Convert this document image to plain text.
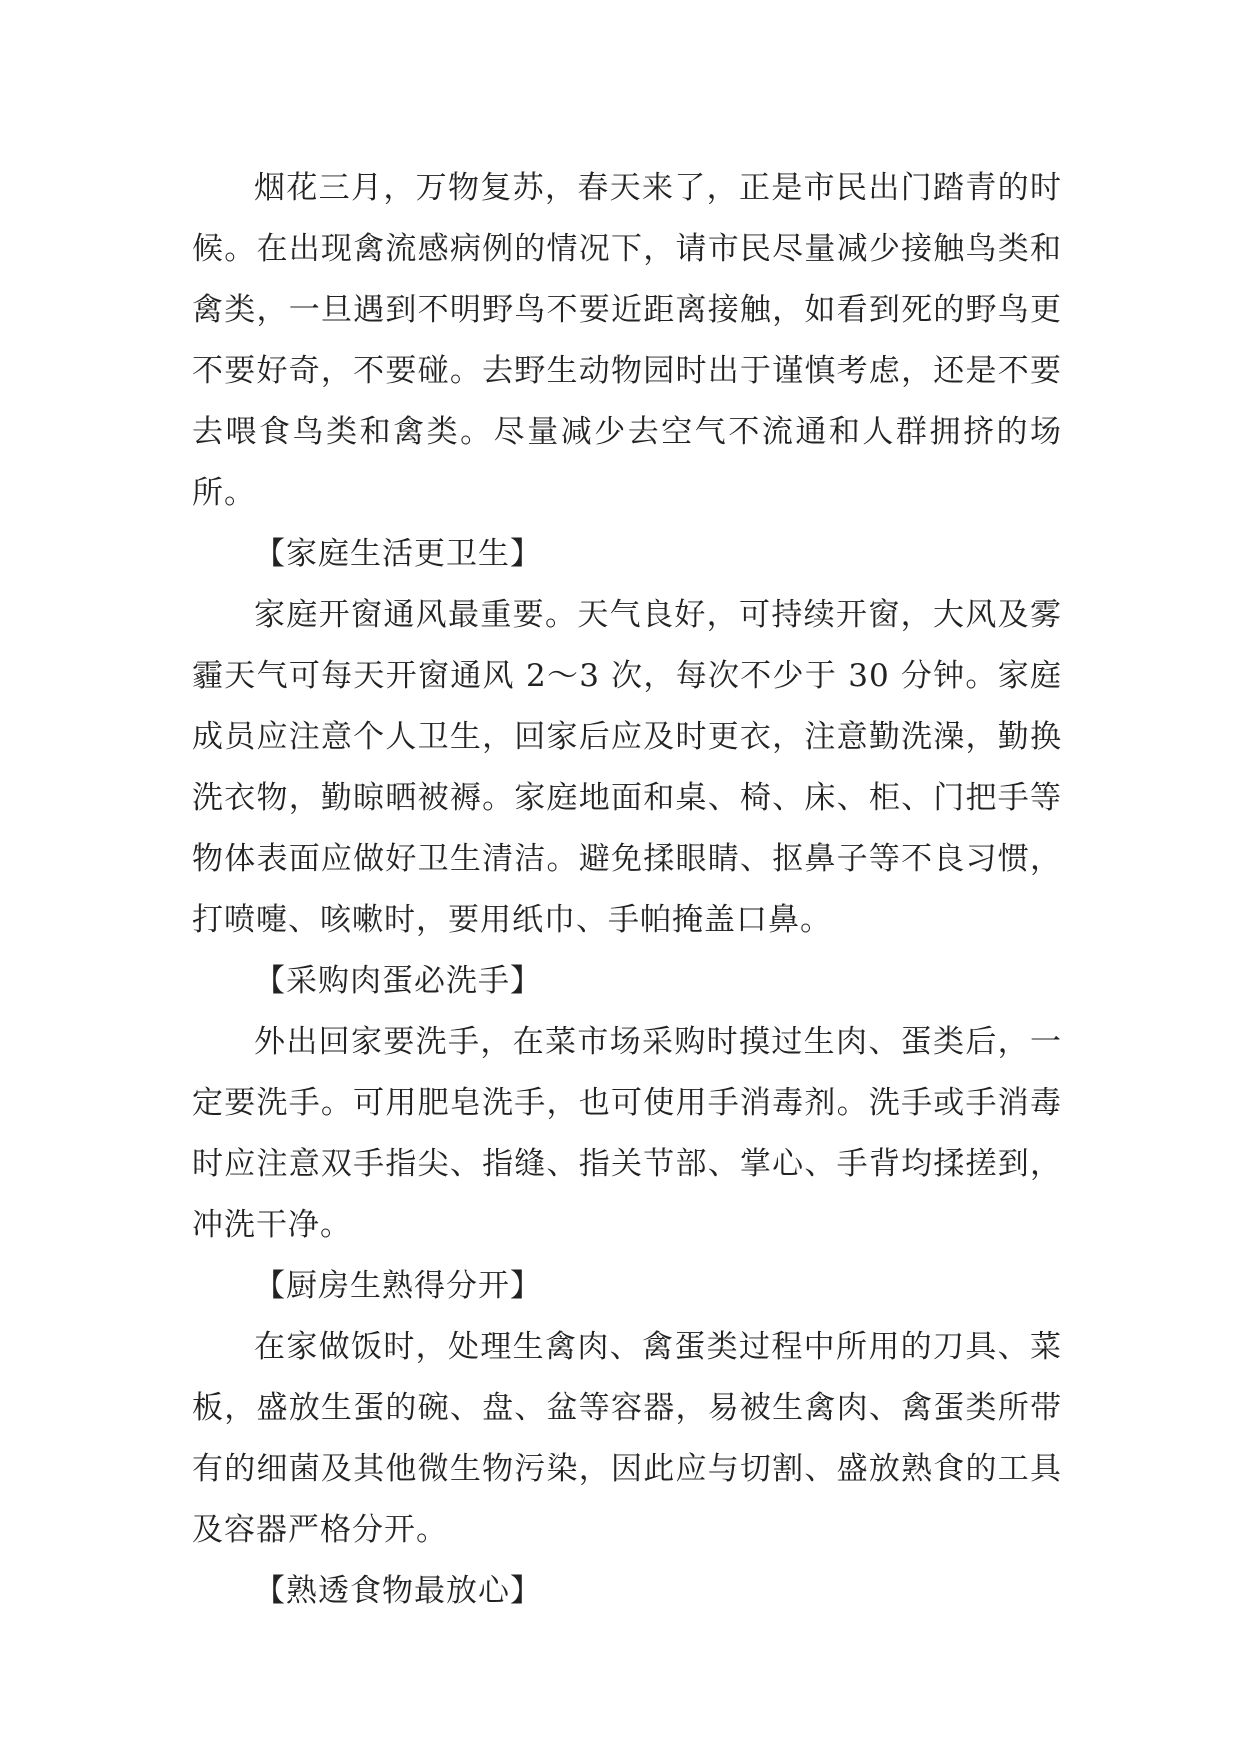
烟花三月，万物复苏，春天来了，正是市民出门踏青的时候。在出现禽流感病例的情况下，请市民尽量减少接触鸟类和禽类，一旦遇到不明野鸟不要近距离接触，如看到死的野鸟更不要好奇，不要碰。去野生动物园时出于谨慎考虑，还是不要去喂食鸟类和禽类。尽量减少去空气不流通和人群拥挤的场所。

【家庭生活更卫生】

家庭开窗通风最重要。天气良好，可持续开窗，大风及雾霾天气可每天开窗通风 2～3 次，每次不少于 30 分钟。家庭成员应注意个人卫生，回家后应及时更衣，注意勤洗澡，勤换洗衣物，勤晾晒被褥。家庭地面和桌、椅、床、柜、门把手等物体表面应做好卫生清洁。避免揉眼睛、抠鼻子等不良习惯，打喷嚏、咳嗽时，要用纸巾、手帕掩盖口鼻。

【采购肉蛋必洗手】

外出回家要洗手，在菜市场采购时摸过生肉、蛋类后，一定要洗手。可用肥皂洗手，也可使用手消毒剂。洗手或手消毒时应注意双手指尖、指缝、指关节部、掌心、手背均揉搓到，冲洗干净。

【厨房生熟得分开】

在家做饭时，处理生禽肉、禽蛋类过程中所用的刀具、菜板，盛放生蛋的碗、盘、盆等容器，易被生禽肉、禽蛋类所带有的细菌及其他微生物污染，因此应与切割、盛放熟食的工具及容器严格分开。

【熟透食物最放心】
